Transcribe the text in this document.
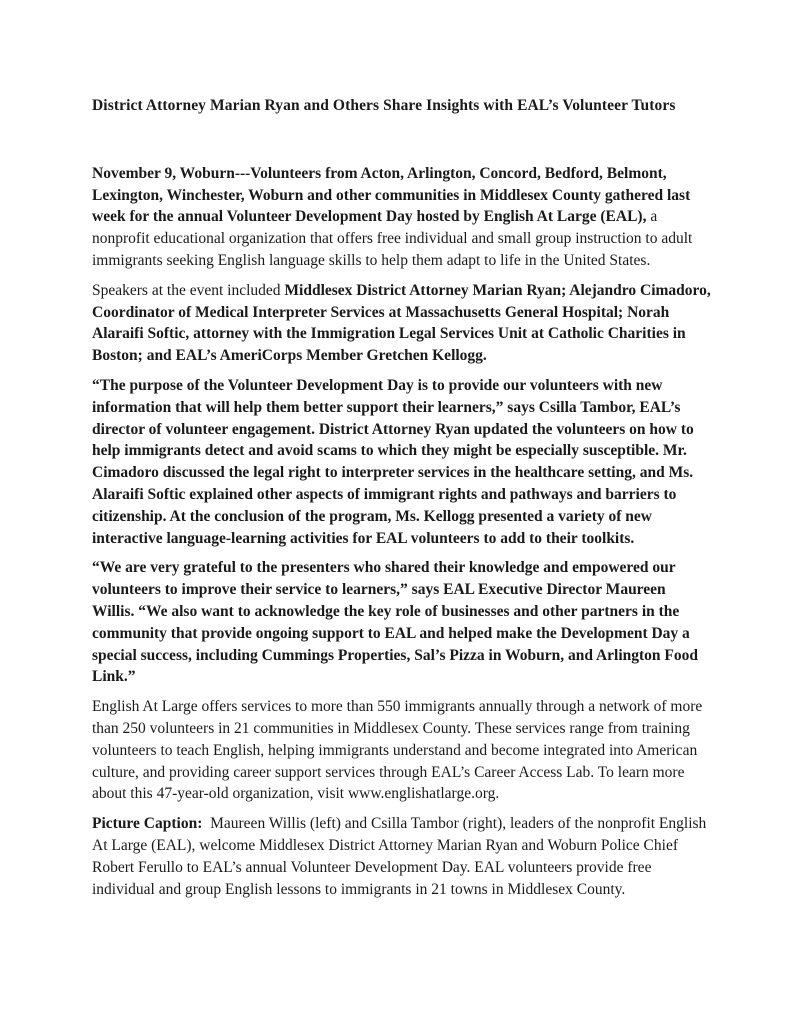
District Attorney Marian Ryan and Others Share Insights with EAL’s Volunteer Tutors

November 9, Woburn---Volunteers from Acton, Arlington, Concord, Bedford, Belmont, Lexington, Winchester, Woburn and other communities in Middlesex County gathered last week for the annual Volunteer Development Day hosted by English At Large (EAL), a nonprofit educational organization that offers free individual and small group instruction to adult immigrants seeking English language skills to help them adapt to life in the United States.

Speakers at the event included Middlesex District Attorney Marian Ryan; Alejandro Cimadoro, Coordinator of Medical Interpreter Services at Massachusetts General Hospital; Norah Alaraifi Softic, attorney with the Immigration Legal Services Unit at Catholic Charities in Boston; and EAL’s AmeriCorps Member Gretchen Kellogg.

“The purpose of the Volunteer Development Day is to provide our volunteers with new information that will help them better support their learners,” says Csilla Tambor, EAL’s director of volunteer engagement. District Attorney Ryan updated the volunteers on how to help immigrants detect and avoid scams to which they might be especially susceptible. Mr. Cimadoro discussed the legal right to interpreter services in the healthcare setting, and Ms. Alaraifi Softic explained other aspects of immigrant rights and pathways and barriers to citizenship. At the conclusion of the program, Ms. Kellogg presented a variety of new interactive language-learning activities for EAL volunteers to add to their toolkits.

“We are very grateful to the presenters who shared their knowledge and empowered our volunteers to improve their service to learners,” says EAL Executive Director Maureen Willis. “We also want to acknowledge the key role of businesses and other partners in the community that provide ongoing support to EAL and helped make the Development Day a special success, including Cummings Properties, Sal’s Pizza in Woburn, and Arlington Food Link.”

English At Large offers services to more than 550 immigrants annually through a network of more than 250 volunteers in 21 communities in Middlesex County. These services range from training volunteers to teach English, helping immigrants understand and become integrated into American culture, and providing career support services through EAL’s Career Access Lab. To learn more about this 47-year-old organization, visit www.englishatlarge.org.

Picture Caption:  Maureen Willis (left) and Csilla Tambor (right), leaders of the nonprofit English At Large (EAL), welcome Middlesex District Attorney Marian Ryan and Woburn Police Chief Robert Ferullo to EAL’s annual Volunteer Development Day. EAL volunteers provide free individual and group English lessons to immigrants in 21 towns in Middlesex County.
